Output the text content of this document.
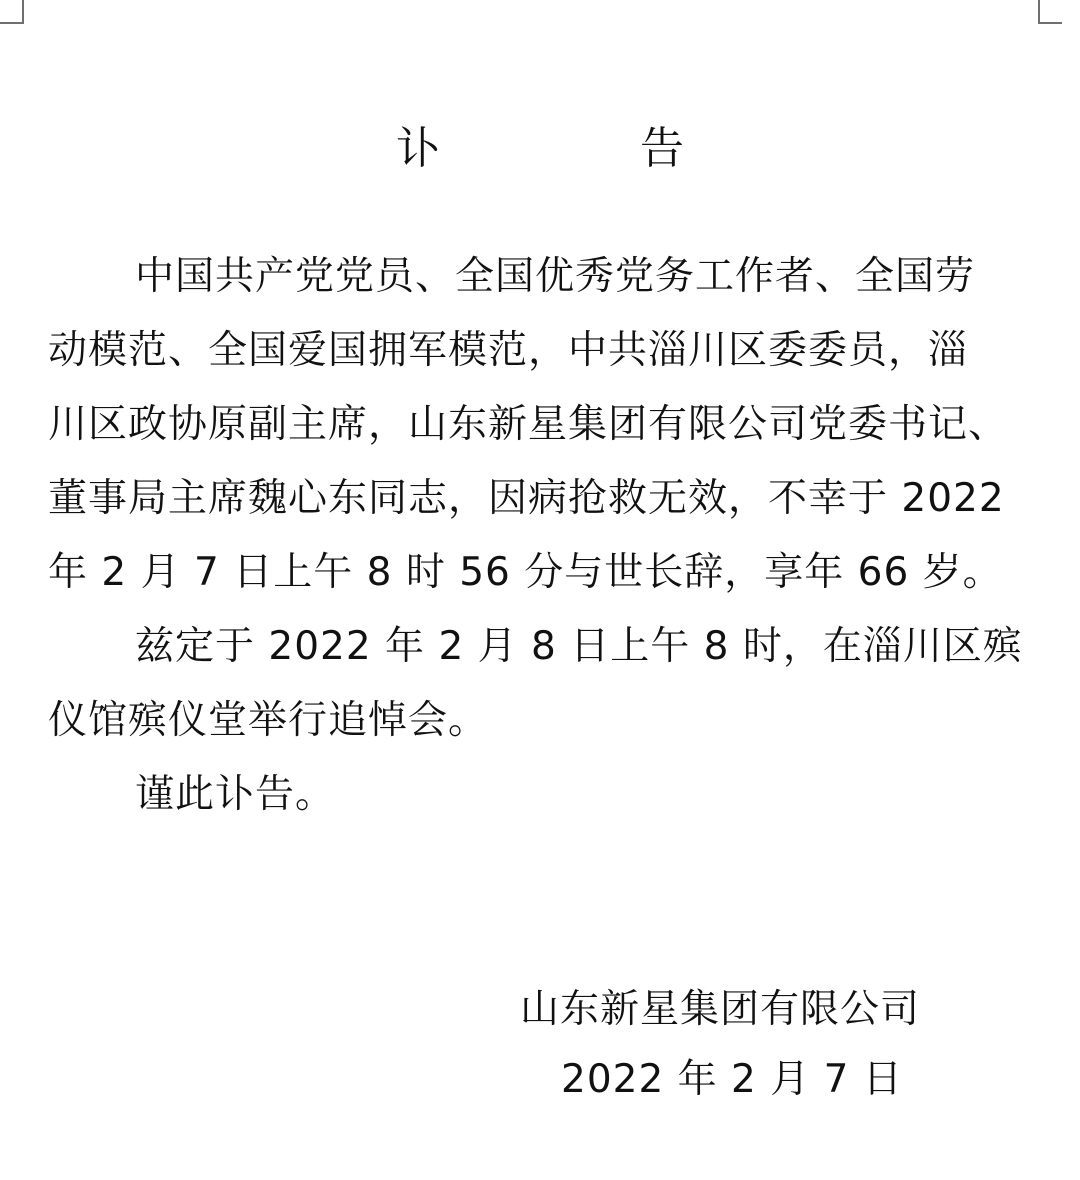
讣　告
中国共产党党员、全国优秀党务工作者、全国劳
动模范、全国爱国拥军模范，中共淄川区委委员，淄
川区政协原副主席，山东新星集团有限公司党委书记、
董事局主席魏心东同志，因病抢救无效，不幸于 2022
年 2 月 7 日上午 8 时 56 分与世长辞，享年 66 岁。
兹定于 2022 年 2 月 8 日上午 8 时，在淄川区殡
仪馆殡仪堂举行追悼会。
谨此讣告。
山东新星集团有限公司
2022 年 2 月 7 日
